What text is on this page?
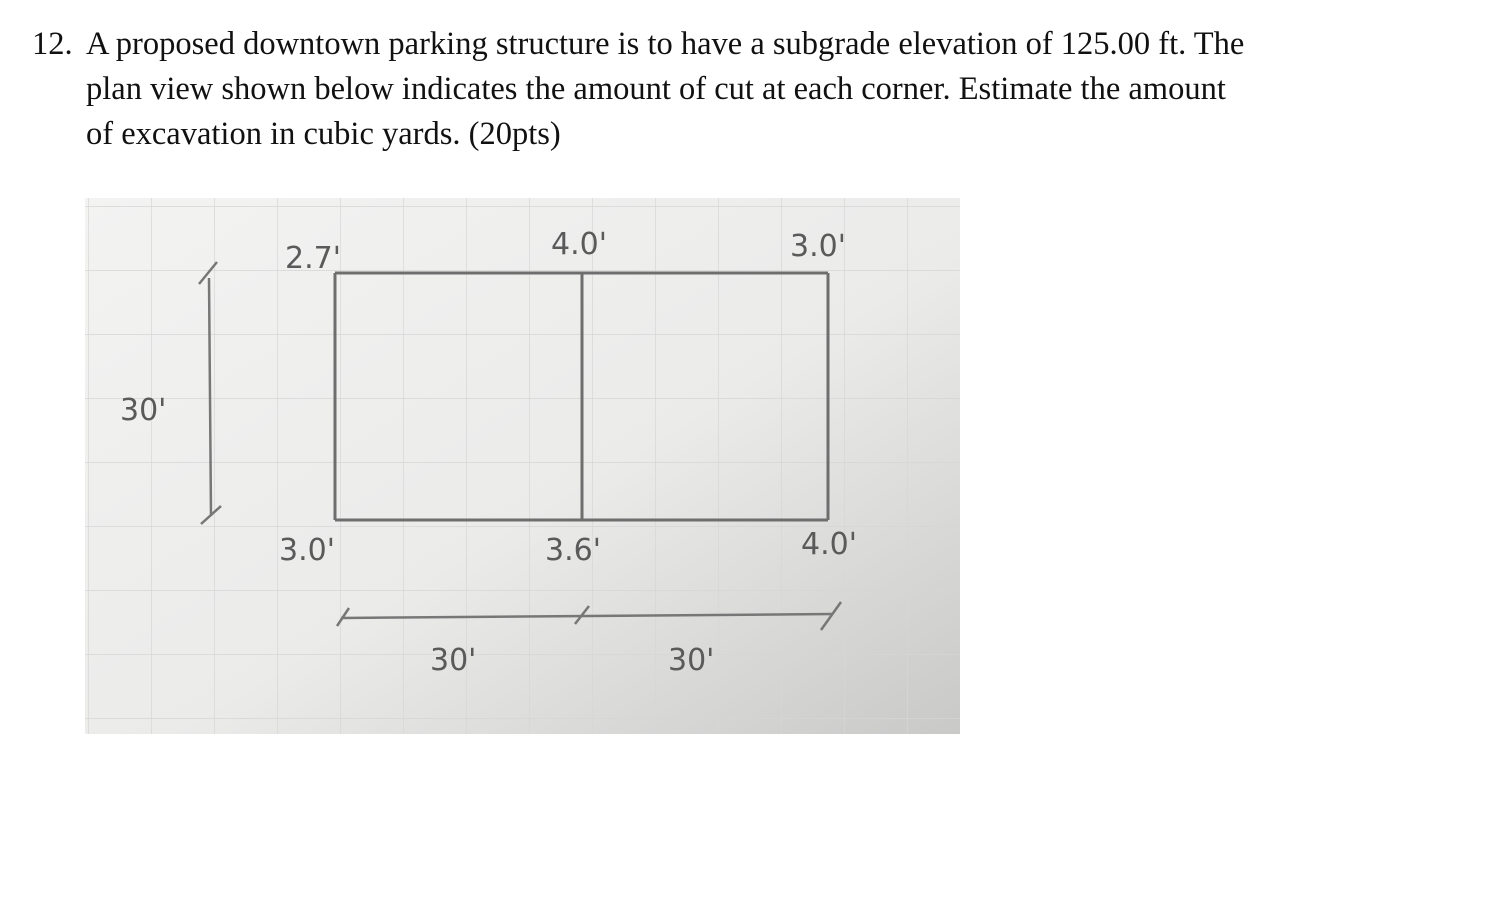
12. A proposed downtown parking structure is to have a subgrade elevation of 125.00 ft. The
plan view shown below indicates the amount of cut at each corner. Estimate the amount
of excavation in cubic yards. (20pts)
2.7'	4.0'	3.0'
3.0'	3.6'	4.0'
30'
30'	30'
